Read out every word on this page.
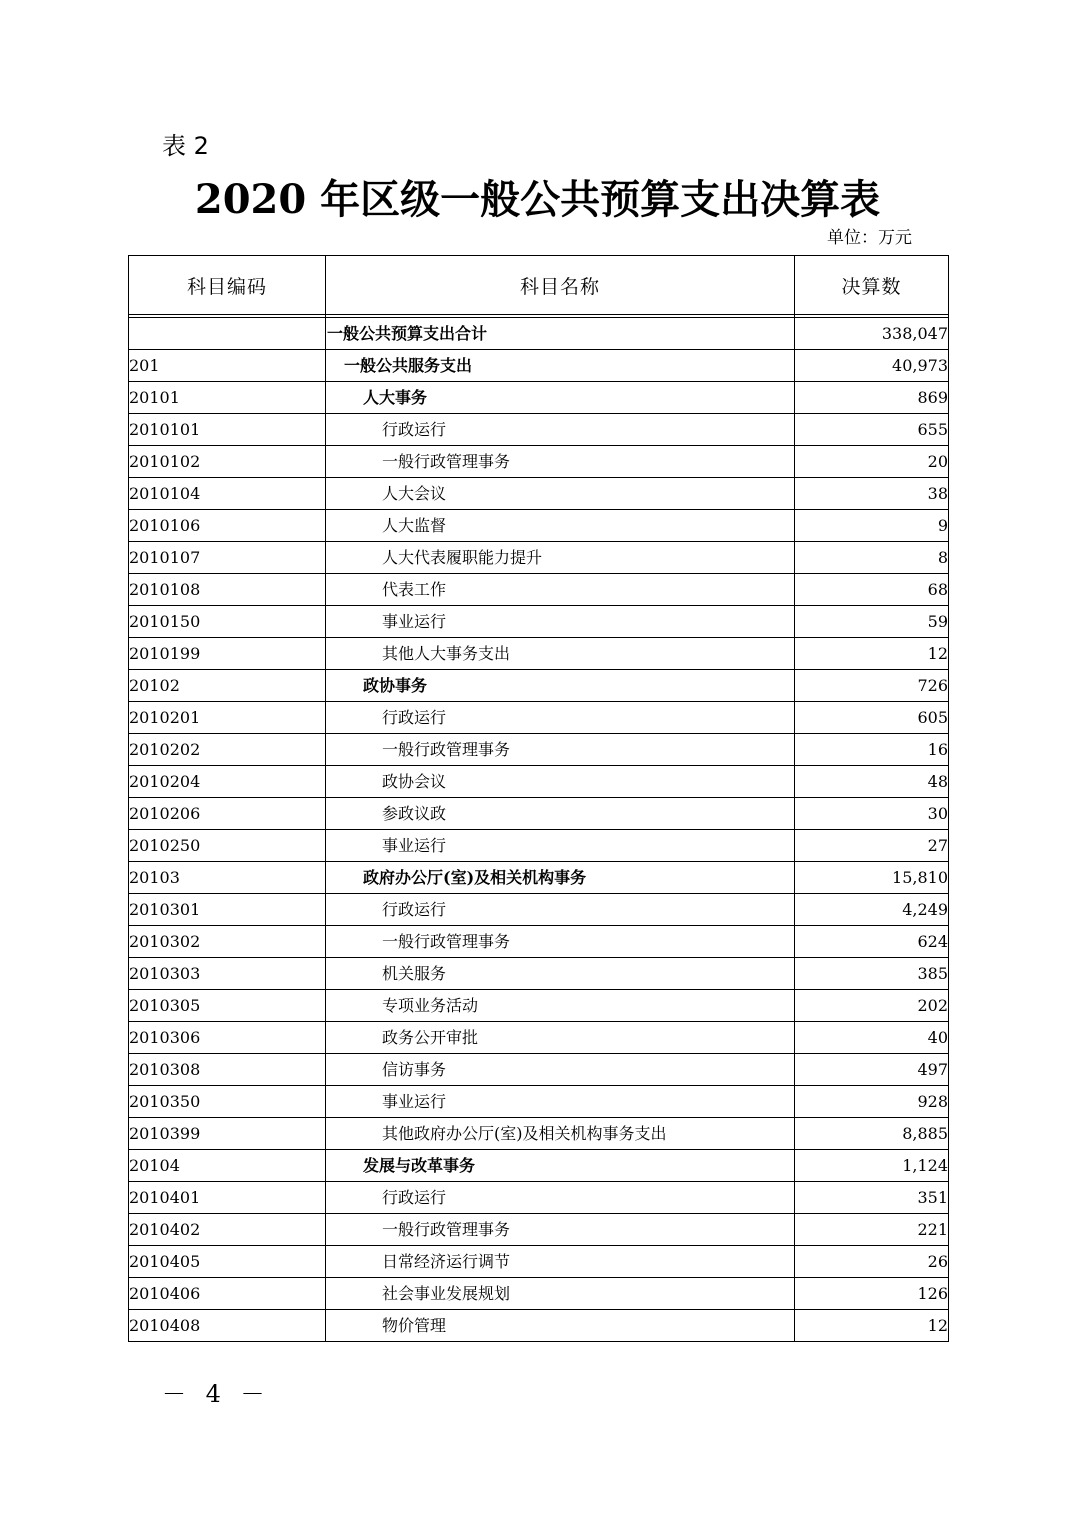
表 2
2020 年区级一般公共预算支出决算表
单位：万元
科目编码	科目名称	决算数

	一般公共预算支出合计	338,047
201	一般公共服务支出	40,973
20101	人大事务	869
2010101	行政运行	655
2010102	一般行政管理事务	20
2010104	人大会议	38
2010106	人大监督	9
2010107	人大代表履职能力提升	8
2010108	代表工作	68
2010150	事业运行	59
2010199	其他人大事务支出	12
20102	政协事务	726
2010201	行政运行	605
2010202	一般行政管理事务	16
2010204	政协会议	48
2010206	参政议政	30
2010250	事业运行	27
20103	政府办公厅(室)及相关机构事务	15,810
2010301	行政运行	4,249
2010302	一般行政管理事务	624
2010303	机关服务	385
2010305	专项业务活动	202
2010306	政务公开审批	40
2010308	信访事务	497
2010350	事业运行	928
2010399	其他政府办公厅(室)及相关机构事务支出	8,885
20104	发展与改革事务	1,124
2010401	行政运行	351
2010402	一般行政管理事务	221
2010405	日常经济运行调节	26
2010406	社会事业发展规划	126
2010408	物价管理	12
－ 4 －
